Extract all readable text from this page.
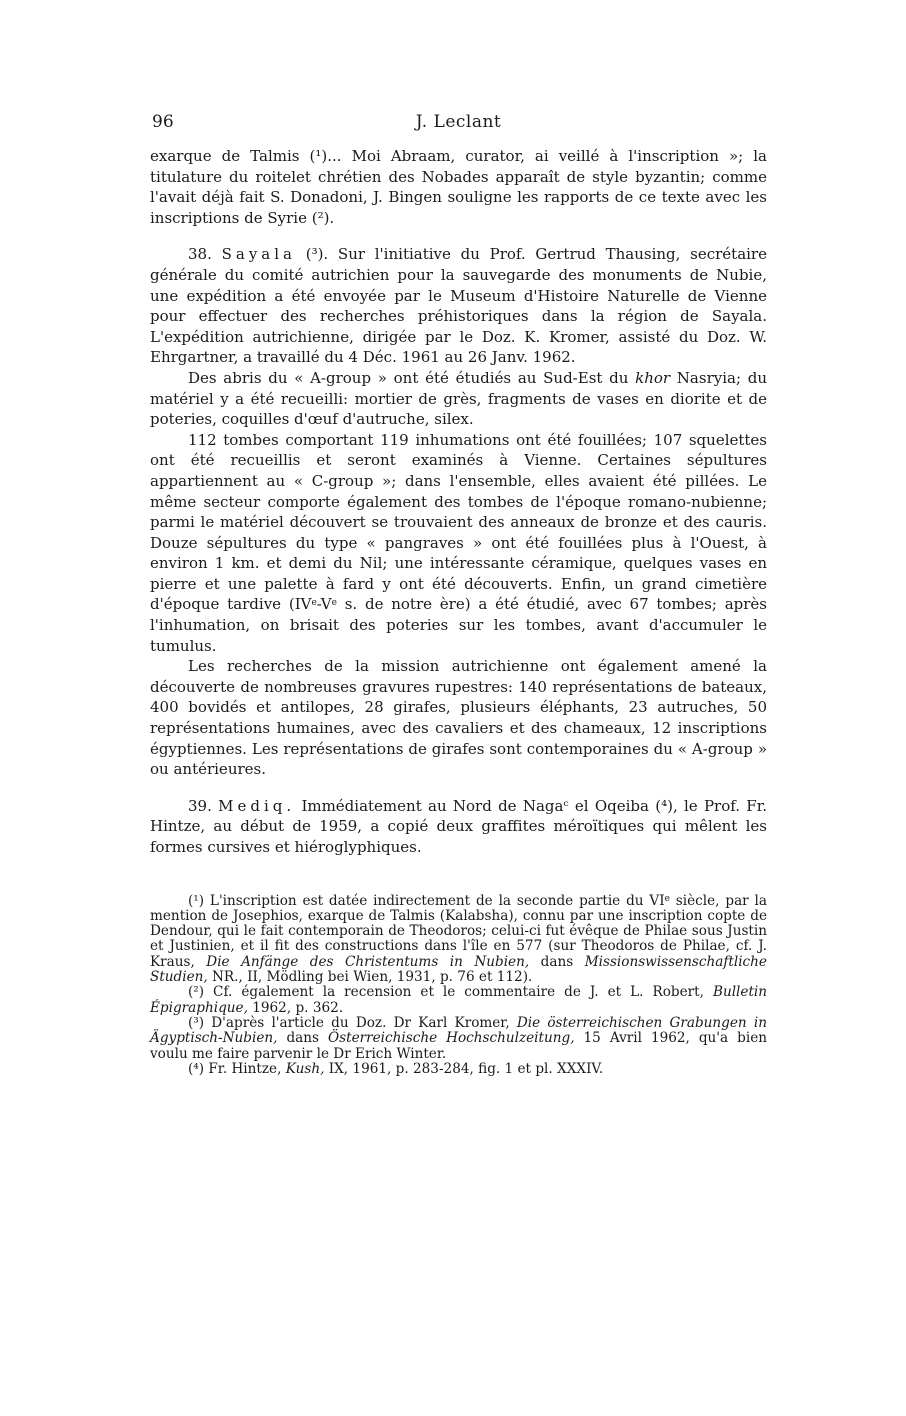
96	J. Leclant

exarque de Talmis (¹)... Moi Abraam, curator, ai veillé à l'inscription »; la titulature du roitelet chrétien des Nobades apparaît de style byzantin; comme l'avait déjà fait S. Donadoni, J. Bingen souligne les rapports de ce texte avec les inscriptions de Syrie (²).

38. Sayala (³). Sur l'initiative du Prof. Gertrud Thausing, secrétaire générale du comité autrichien pour la sauvegarde des monuments de Nubie, une expédition a été envoyée par le Museum d'Histoire Naturelle de Vienne pour effectuer des recherches préhistoriques dans la région de Sayala. L'expédition autrichienne, dirigée par le Doz. K. Kromer, assisté du Doz. W. Ehrgartner, a travaillé du 4 Déc. 1961 au 26 Janv. 1962.

Des abris du « A-group » ont été étudiés au Sud-Est du khor Nasryia; du matériel y a été recueilli: mortier de grès, fragments de vases en diorite et de poteries, coquilles d'œuf d'autruche, silex.

112 tombes comportant 119 inhumations ont été fouillées; 107 squelettes ont été recueillis et seront examinés à Vienne. Certaines sépultures appartiennent au « C-group »; dans l'ensemble, elles avaient été pillées. Le même secteur comporte également des tombes de l'époque romano-nubienne; parmi le matériel découvert se trouvaient des anneaux de bronze et des cauris. Douze sépultures du type « pangraves » ont été fouillées plus à l'Ouest, à environ 1 km. et demi du Nil; une intéressante céramique, quelques vases en pierre et une palette à fard y ont été découverts. Enfin, un grand cimetière d'époque tardive (IVe-Ve s. de notre ère) a été étudié, avec 67 tombes; après l'inhumation, on brisait des poteries sur les tombes, avant d'accumuler le tumulus.

Les recherches de la mission autrichienne ont également amené la découverte de nombreuses gravures rupestres: 140 représentations de bateaux, 400 bovidés et antilopes, 28 girafes, plusieurs éléphants, 23 autruches, 50 représentations humaines, avec des cavaliers et des chameaux, 12 inscriptions égyptiennes. Les représentations de girafes sont contemporaines du « A-group » ou antérieures.

39. Mediq. Immédiatement au Nord de Nagaᶜ el Oqeiba (⁴), le Prof. Fr. Hintze, au début de 1959, a copié deux graffites méroïtiques qui mêlent les formes cursives et hiéroglyphiques.

(¹) L'inscription est datée indirectement de la seconde partie du VIe siècle, par la mention de Josephios, exarque de Talmis (Kalabsha), connu par une inscription copte de Dendour, qui le fait contemporain de Theodoros; celui-ci fut évêque de Philae sous Justin et Justinien, et il fit des constructions dans l'île en 577 (sur Theodoros de Philae, cf. J. Kraus, Die Anfänge des Christentums in Nubien, dans Missionswissenschaftliche Studien, NR., II, Mödling bei Wien, 1931, p. 76 et 112).

(²) Cf. également la recension et le commentaire de J. et L. Robert, Bulletin Épigraphique, 1962, p. 362.

(³) D'après l'article du Doz. Dr Karl Kromer, Die österreichischen Grabungen in Ägyptisch-Nubien, dans Österreichische Hochschulzeitung, 15 Avril 1962, qu'a bien voulu me faire parvenir le Dr Erich Winter.

(⁴) Fr. Hintze, Kush, IX, 1961, p. 283-284, fig. 1 et pl. XXXIV.
